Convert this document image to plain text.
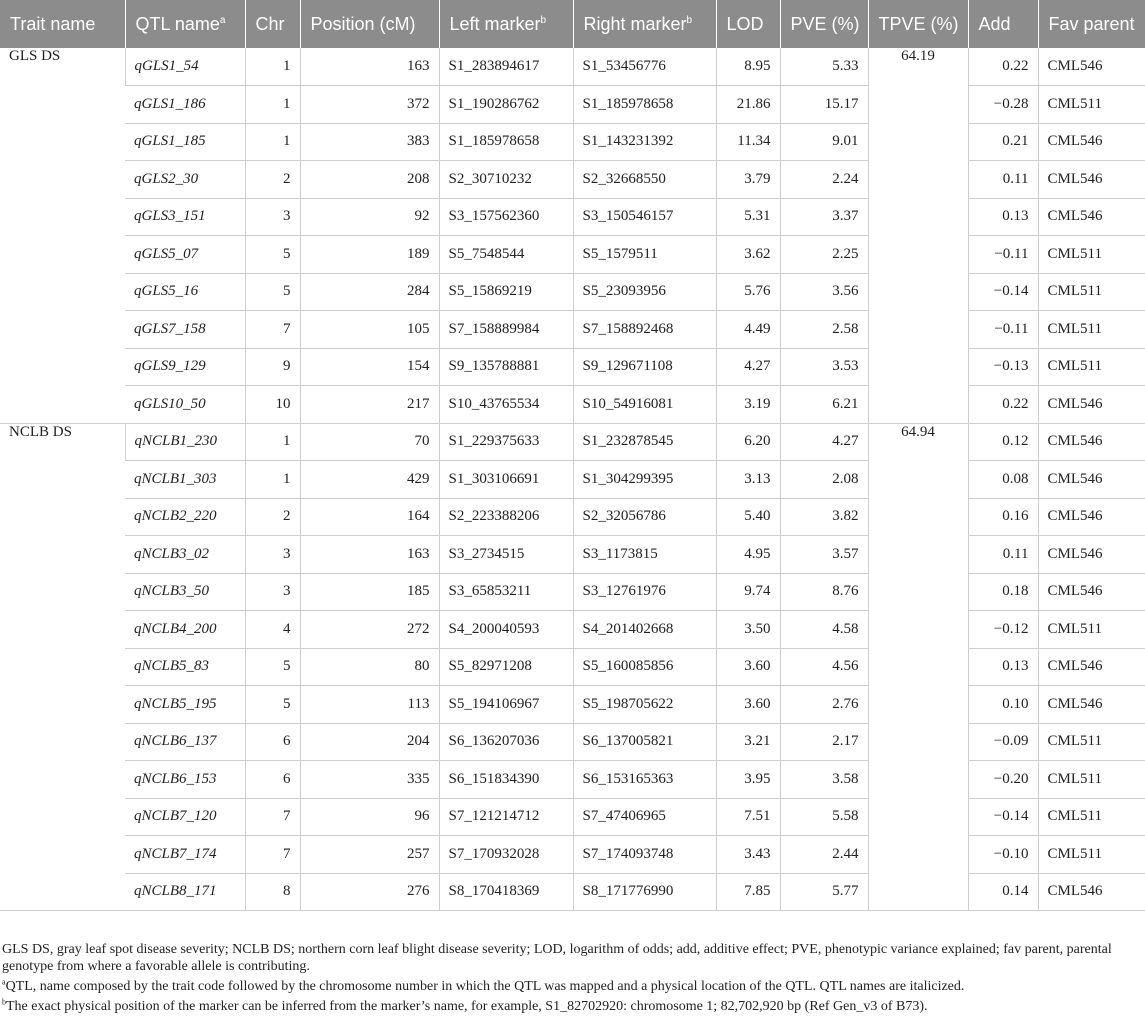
Trait name	QTL name$^a$	Chr	Position (cM)	Left marker$^b$	Right marker$^b$	LOD	PVE (%)	TPVE (%)	Add	Fav parent
GLS DS	qGLS1_54	1	163	S1_283894617	S1_53456776	8.95	5.33	64.19	0.22	CML546
	qGLS1_186	1	372	S1_190286762	S1_185978658	21.86	15.17		−0.28	CML511
	qGLS1_185	1	383	S1_185978658	S1_143231392	11.34	9.01		0.21	CML546
	qGLS2_30	2	208	S2_30710232	S2_32668550	3.79	2.24		0.11	CML546
	qGLS3_151	3	92	S3_157562360	S3_150546157	5.31	3.37		0.13	CML546
	qGLS5_07	5	189	S5_7548544	S5_1579511	3.62	2.25		−0.11	CML511
	qGLS5_16	5	284	S5_15869219	S5_23093956	5.76	3.56		−0.14	CML511
	qGLS7_158	7	105	S7_158889984	S7_158892468	4.49	2.58		−0.11	CML511
	qGLS9_129	9	154	S9_135788881	S9_129671108	4.27	3.53		−0.13	CML511
	qGLS10_50	10	217	S10_43765534	S10_54916081	3.19	6.21		0.22	CML546
NCLB DS	qNCLB1_230	1	70	S1_229375633	S1_232878545	6.20	4.27	64.94	0.12	CML546
	qNCLB1_303	1	429	S1_303106691	S1_304299395	3.13	2.08		0.08	CML546
	qNCLB2_220	2	164	S2_223388206	S2_32056786	5.40	3.82		0.16	CML546
	qNCLB3_02	3	163	S3_2734515	S3_1173815	4.95	3.57		0.11	CML546
	qNCLB3_50	3	185	S3_65853211	S3_12761976	9.74	8.76		0.18	CML546
	qNCLB4_200	4	272	S4_200040593	S4_201402668	3.50	4.58		−0.12	CML511
	qNCLB5_83	5	80	S5_82971208	S5_160085856	3.60	4.56		0.13	CML546
	qNCLB5_195	5	113	S5_194106967	S5_198705622	3.60	2.76		0.10	CML546
	qNCLB6_137	6	204	S6_136207036	S6_137005821	3.21	2.17		−0.09	CML511
	qNCLB6_153	6	335	S6_151834390	S6_153165363	3.95	3.58		−0.20	CML511
	qNCLB7_120	7	96	S7_121214712	S7_47406965	7.51	5.58		−0.14	CML511
	qNCLB7_174	7	257	S7_170932028	S7_174093748	3.43	2.44		−0.10	CML511
	qNCLB8_171	8	276	S8_170418369	S8_171776990	7.85	5.77		0.14	CML546

GLS DS, gray leaf spot disease severity; NCLB DS; northern corn leaf blight disease severity; LOD, logarithm of odds; add, additive effect; PVE, phenotypic variance explained; fav parent, parental genotype from where a favorable allele is contributing.

$^a$QTL, name composed by the trait code followed by the chromosome number in which the QTL was mapped and a physical location of the QTL. QTL names are italicized.

$^b$The exact physical position of the marker can be inferred from the marker’s name, for example, S1_82702920: chromosome 1; 82,702,920 bp (Ref Gen_v3 of B73).
